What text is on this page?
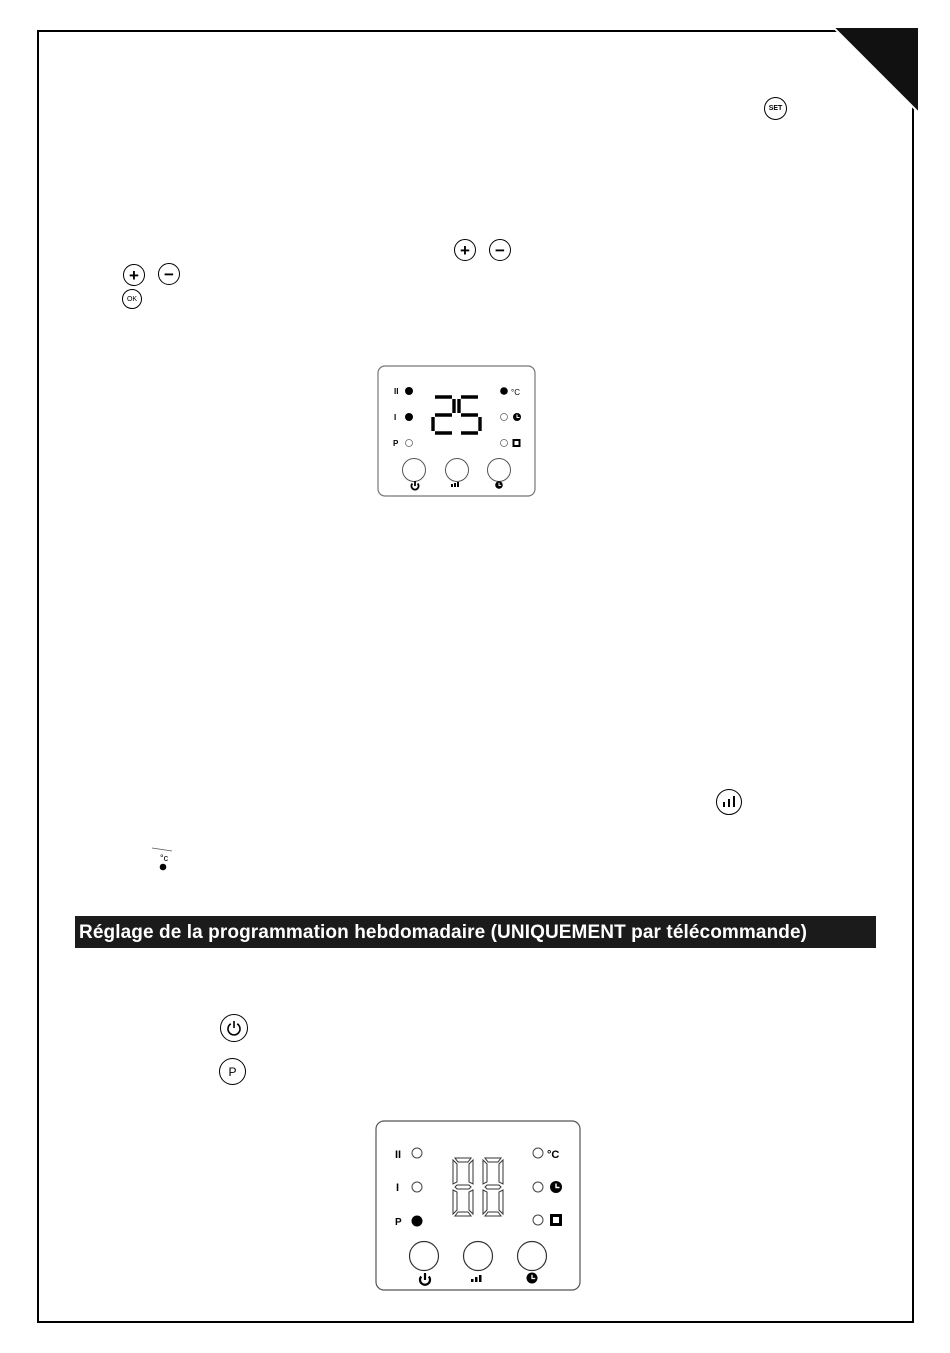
SET
+ −
+ −
OK
II
I
P
°C
°c
Réglage de la programmation hebdomadaire (UNIQUEMENT par télécommande)
P
II
I
P
°C
